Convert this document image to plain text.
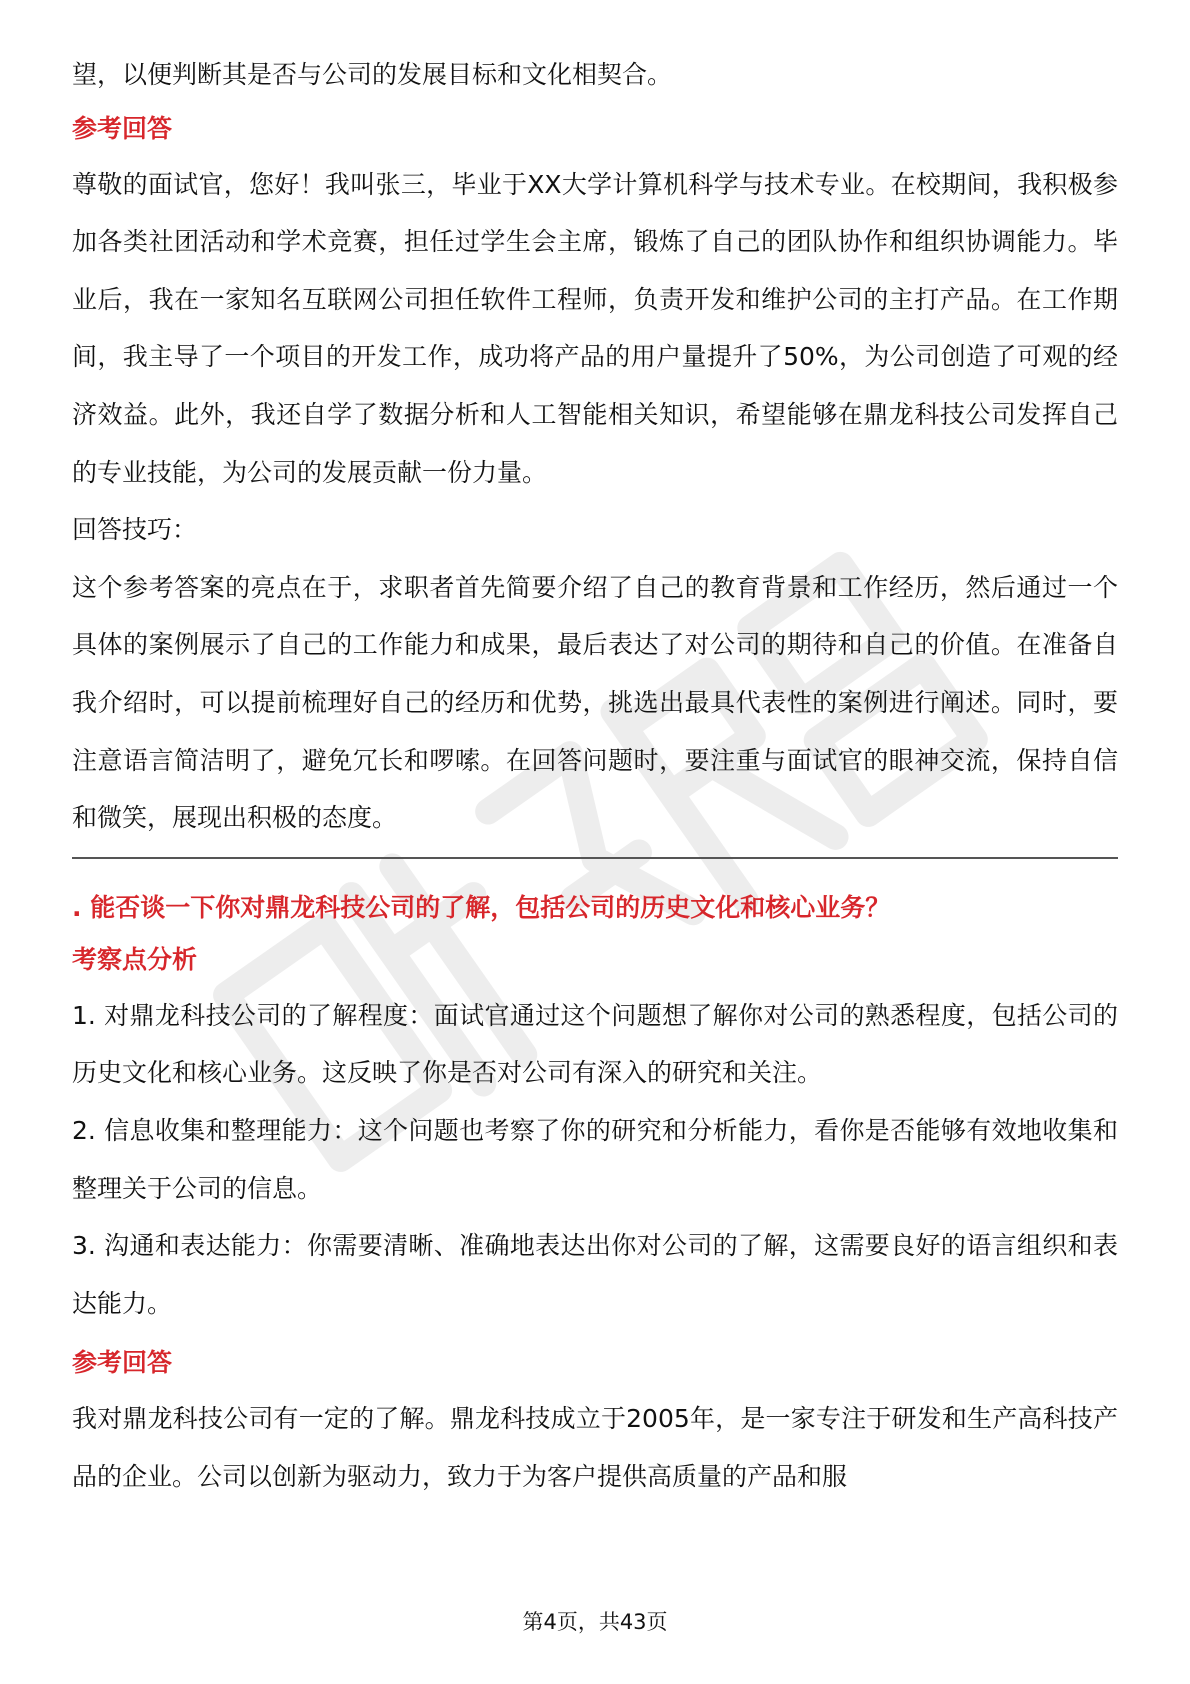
望，以便判断其是否与公司的发展目标和文化相契合。

参考回答

尊敬的面试官，您好！我叫张三，毕业于XX大学计算机科学与技术专业。在校期间，我积极参加各类社团活动和学术竞赛，担任过学生会主席，锻炼了自己的团队协作和组织协调能力。毕业后，我在一家知名互联网公司担任软件工程师，负责开发和维护公司的主打产品。在工作期间，我主导了一个项目的开发工作，成功将产品的用户量提升了50%，为公司创造了可观的经济效益。此外，我还自学了数据分析和人工智能相关知识，希望能够在鼎龙科技公司发挥自己的专业技能，为公司的发展贡献一份力量。

回答技巧：

这个参考答案的亮点在于，求职者首先简要介绍了自己的教育背景和工作经历，然后通过一个具体的案例展示了自己的工作能力和成果，最后表达了对公司的期待和自己的价值。在准备自我介绍时，可以提前梳理好自己的经历和优势，挑选出最具代表性的案例进行阐述。同时，要注意语言简洁明了，避免冗长和啰嗦。在回答问题时，要注重与面试官的眼神交流，保持自信和微笑，展现出积极的态度。

. 能否谈一下你对鼎龙科技公司的了解，包括公司的历史文化和核心业务？

考察点分析

1. 对鼎龙科技公司的了解程度：面试官通过这个问题想了解你对公司的熟悉程度，包括公司的历史文化和核心业务。这反映了你是否对公司有深入的研究和关注。

2. 信息收集和整理能力：这个问题也考察了你的研究和分析能力，看你是否能够有效地收集和整理关于公司的信息。

3. 沟通和表达能力：你需要清晰、准确地表达出你对公司的了解，这需要良好的语言组织和表达能力。

参考回答

我对鼎龙科技公司有一定的了解。鼎龙科技成立于2005年，是一家专注于研发和生产高科技产品的企业。公司以创新为驱动力，致力于为客户提供高质量的产品和服

第4页，共43页
